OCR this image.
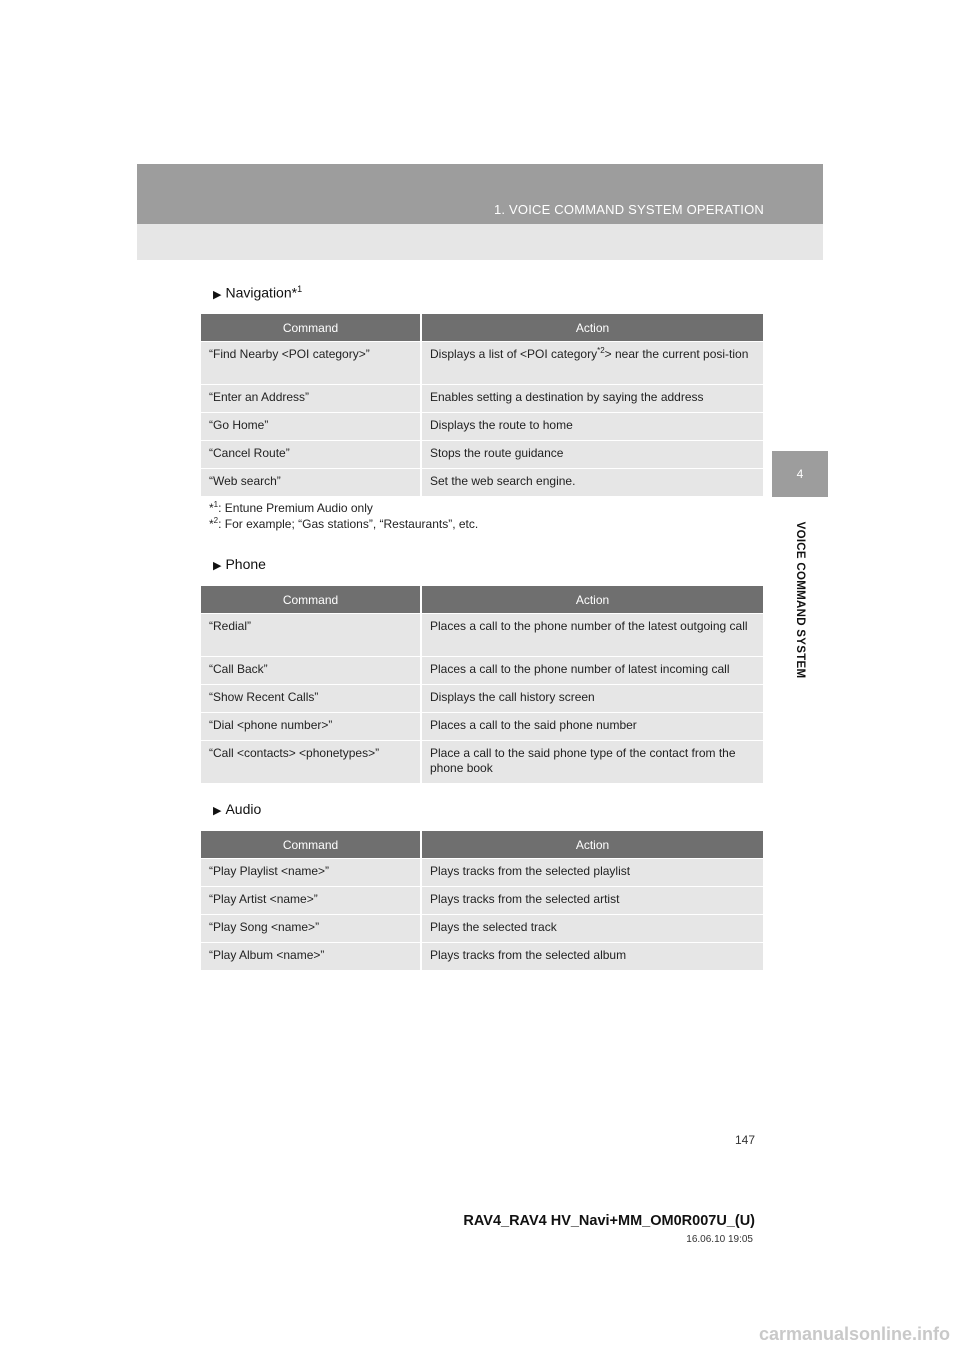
1. VOICE COMMAND SYSTEM OPERATION
4
VOICE COMMAND SYSTEM
▶ Navigation*$^1$
Command	Action
“Find Nearby <POI category>”	Displays a list of <POI category$^{*2}$> near the current posi-tion
“Enter an Address”	Enables setting a destination by saying the address
“Go Home”	Displays the route to home
“Cancel Route”	Stops the route guidance
“Web search”	Set the web search engine.
*$^1$: Entune Premium Audio only
*$^2$: For example; “Gas stations”, “Restaurants”, etc.
▶ Phone
Command	Action
“Redial”	Places a call to the phone number of the latest outgoing call
“Call Back”	Places a call to the phone number of latest incoming call
“Show Recent Calls”	Displays the call history screen
“Dial <phone number>”	Places a call to the said phone number
“Call <contacts> <phonetypes>”	Place a call to the said phone type of the contact from the phone book
▶ Audio
Command	Action
“Play Playlist <name>”	Plays tracks from the selected playlist
“Play Artist <name>”	Plays tracks from the selected artist
“Play Song <name>”	Plays the selected track
“Play Album <name>”	Plays tracks from the selected album
147
RAV4_RAV4 HV_Navi+MM_OM0R007U_(U)
16.06.10 19:05
carmanualsonline.info
